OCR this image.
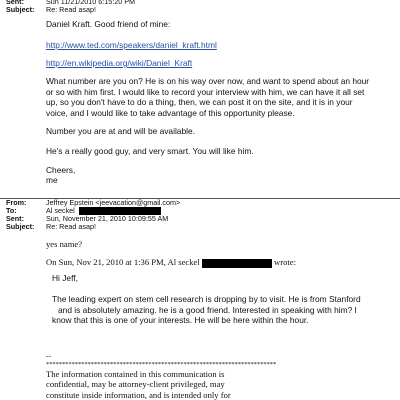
Sent:	Sun 11/21/2010 6:15:20 PM
Subject: Re: Read asap!
Daniel Kraft. Good friend of mine:
http://www.ted.com/speakers/daniel_kraft.html
http://en.wikipedia.org/wiki/Daniel_Kraft
What number are you on? He is on his way over now, and want to spend about an hour
or so with him first. I would like to record your interview with him, we can have it all set
up, so you don't have to do a thing, then, we can post it on the site, and it is in your
voice, and I would like to take advantage of this opportunity please.
Number you are at and will be available.
He's a really good guy, and very smart. You will like him.
Cheers,
me
From:	Jeffrey Epstein <jeevacation@gmail.com>
To:	Al seckel
Sent:	Sun, November 21, 2010 10:09:55 AM
Subject: Re: Read asap!
yes name?
On Sun, Nov 21, 2010 at 1:36 PM, Al seckel	wrote:
Hi Jeff,
The leading expert on stem cell research is dropping by to visit. He is from Stanford
and is absolutely amazing. he is a good friend. Interested in speaking with him? I
know that this is one of your interests. He will be here within the hour.
--
************************************************************************
The information contained in this communication is
confidential, may be attorney-client privileged, may
constitute inside information, and is intended only for
